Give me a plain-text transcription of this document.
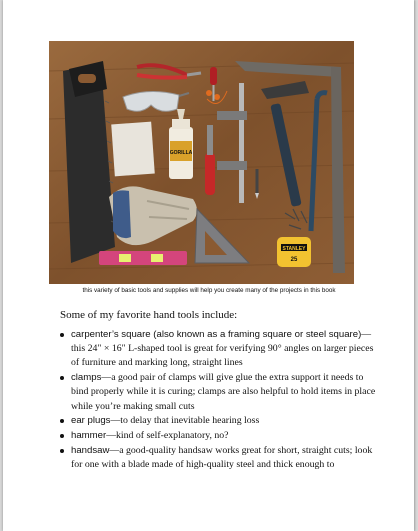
GORILLA
STANLEY
25
this variety of basic tools and supplies will help you create many of the projects in this book
Some of my favorite hand tools include:
carpenter’s square (also known as a framing square or steel square)—this 24" × 16" L-shaped tool is great for verifying 90° angles on larger pieces of furniture and marking long, straight lines
clamps—a good pair of clamps will give glue the extra support it needs to bind properly while it is curing; clamps are also helpful to hold items in place while you’re making small cuts
ear plugs—to delay that inevitable hearing loss
hammer—kind of self-explanatory, no?
handsaw—a good-quality handsaw works great for short, straight cuts; look for one with a blade made of high-quality steel and thick enough to
